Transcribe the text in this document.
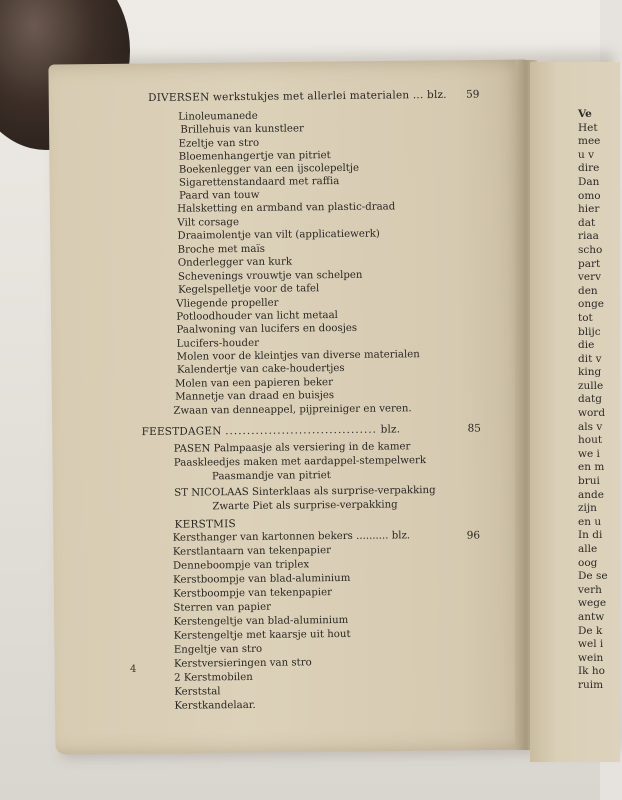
Ve
Het
mee
u v
dire
Dan
omo
hier
dat
riaa
scho
part
verv
den
onge
tot
blijc
die
dit v
king
zulle
datg
word
als v
hout
we i
en m
brui
ande
zijn
en u
In di
alle
oog
De se
verh
wege
antw
De k
wel i
wein
Ik ho
ruim
DIVERSEN werkstukjes met allerlei materialen ... blz. 59
Linoleumanede
Brillehuis van kunstleer
Ezeltje van stro
Bloemenhangertje van pitriet
Boekenlegger van een ijscolepeltje
Sigarettenstandaard met raffia
Paard van touw
Halsketting en armband van plastic-draad
Vilt corsage
Draaimolentje van vilt (applicatiewerk)
Broche met maïs
Onderlegger van kurk
Schevenings vrouwtje van schelpen
Kegelspelletje voor de tafel
Vliegende propeller
Potloodhouder van licht metaal
Paalwoning van lucifers en doosjes
Lucifers-houder
Molen voor de kleintjes van diverse materialen
Kalendertje van cake-houdertjes
Molen van een papieren beker
Mannetje van draad en buisjes
Zwaan van denneappel, pijpreiniger en veren.
FEESTDAGEN ................................... blz.	85
PASEN Palmpaasje als versiering in de kamer
Paaskleedjes maken met aardappel-stempelwerk
Paasmandje van pitriet
ST NICOLAAS Sinterklaas als surprise-verpakking
Zwarte Piet als surprise-verpakking
KERSTMIS
Kersthanger van kartonnen bekers .......... blz.	96
Kerstlantaarn van tekenpapier
Denneboompje van triplex
Kerstboompje van blad-aluminium
Kerstboompje van tekenpapier
Sterren van papier
Kerstengeltje van blad-aluminium
Kerstengeltje met kaarsje uit hout
Engeltje van stro
Kerstversieringen van stro
2 Kerstmobilen
Kerststal
Kerstkandelaar.
4
